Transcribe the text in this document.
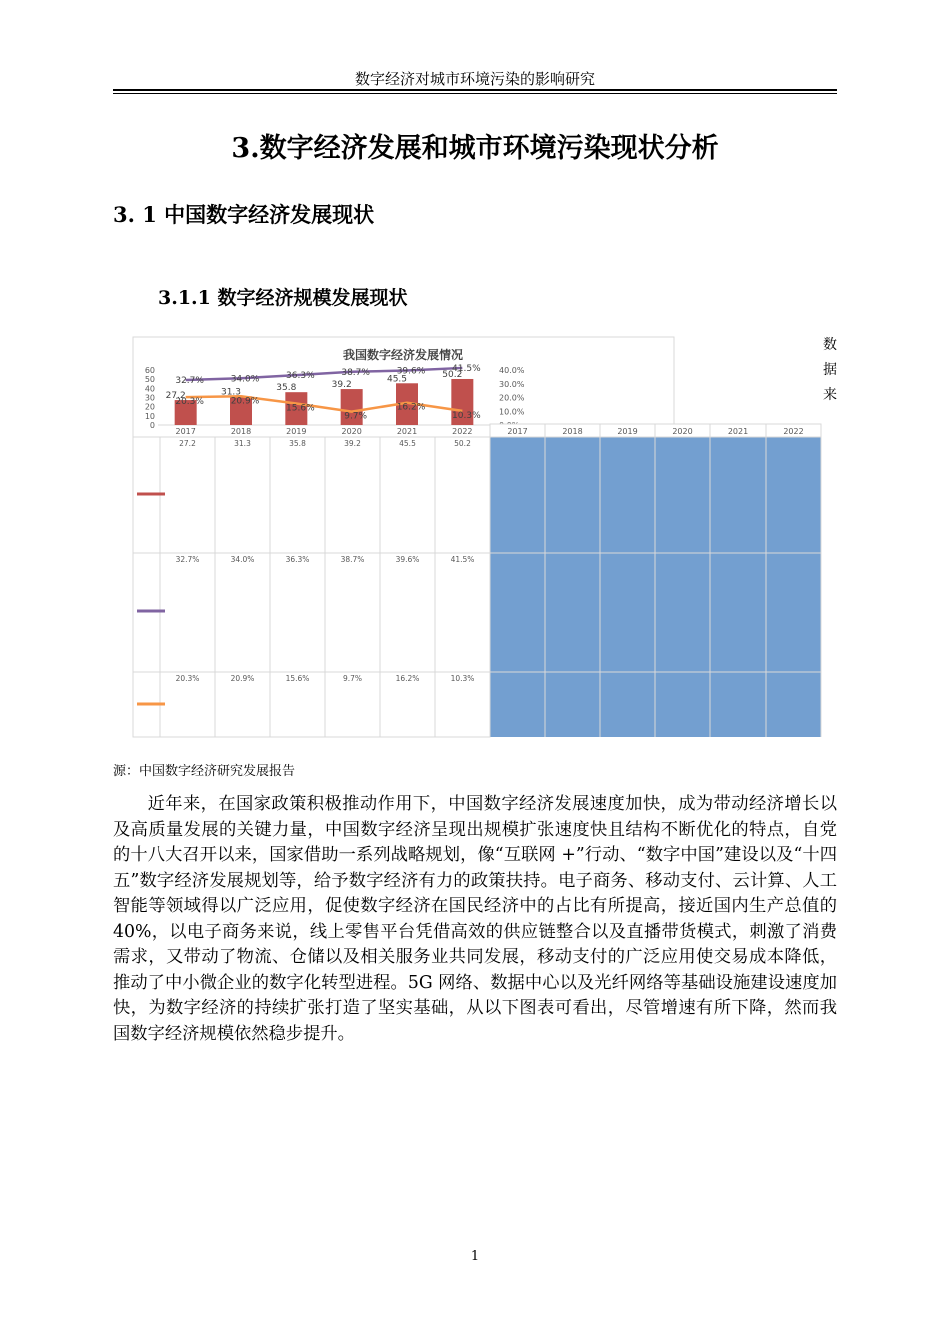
数字经济对城市环境污染的影响研究
3.数字经济发展和城市环境污染现状分析
3. 1 中国数字经济发展现状
3.1.1 数字经济规模发展现状
数
据
来
我国数字经济发展情况
0
10
20
30
40
50
60
10.0%
20.0%
30.0%
40.0%
27.2	31.3	35.8	39.2
45.5	50.2
32.7%	34.0%	36.3%	38.7%	39.6%	41.5%
20.3%	20.9%
15.6%
9.7%
16.2%
10.3%
2017	2018	2019	2020	2021	2022
27.2	31.3	35.8	39.2	45.5	50.2
32.7%	34.0%	36.3%	38.7%	39.6%	41.5%
20.3%	20.9%	15.6%	9.7%	16.2%	10.3%
2017	2018	2019	2020	2021	2022
源：中国数字经济研究发展报告

近年来，在国家政策积极推动作用下，中国数字经济发展速度加快，成为带动经济增长以及高质量发展的关键力量，中国数字经济呈现出规模扩张速度快且结构不断优化的特点，自党的十八大召开以来，国家借助一系列战略规划，像“互联网 +”行动、“数字中国”建设以及“十四五”数字经济发展规划等，给予数字经济有力的政策扶持。电子商务、移动支付、云计算、人工智能等领域得以广泛应用，促使数字经济在国民经济中的占比有所提高，接近国内生产总值的 40%，以电子商务来说，线上零售平台凭借高效的供应链整合以及直播带货模式，刺激了消费需求，又带动了物流、仓储以及相关服务业共同发展，移动支付的广泛应用使交易成本降低，推动了中小微企业的数字化转型进程。5G 网络、数据中心以及光纤网络等基础设施建设速度加快，为数字经济的持续扩张打造了坚实基础，从以下图表可看出，尽管增速有所下降，然而我国数字经济规模依然稳步提升。

1
